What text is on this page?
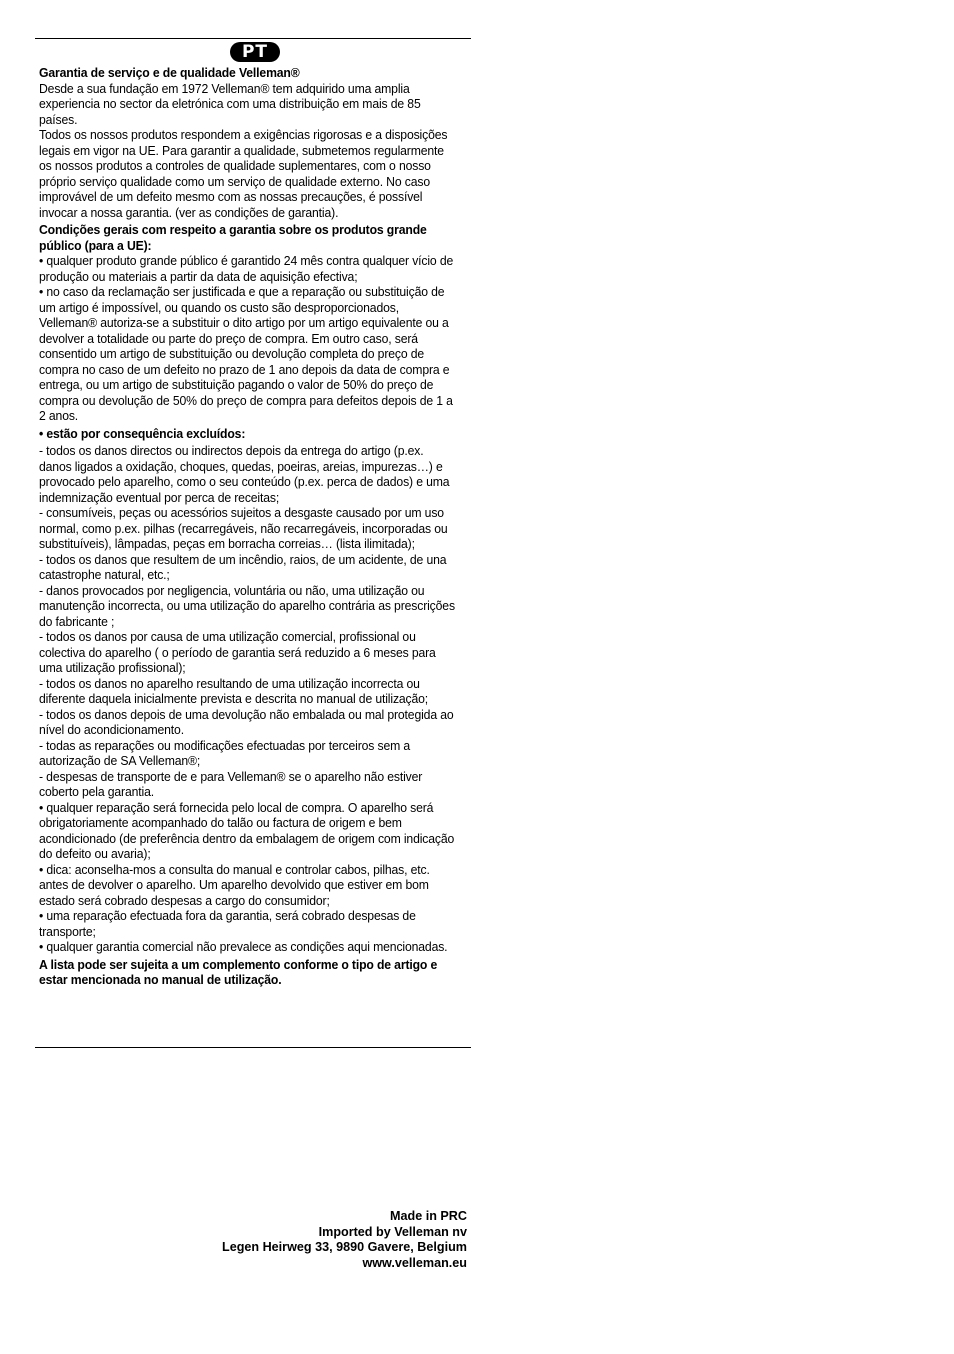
PT

Garantia de serviço e de qualidade Velleman®

Desde a sua fundação em 1972 Velleman® tem adquirido uma amplia experiencia no sector da eletrónica com uma distribuição em mais de 85 países.

Todos os nossos produtos respondem a exigências rigorosas e a disposições legais em vigor na UE. Para garantir a qualidade, submetemos regularmente os nossos produtos a controles de qualidade suplementares, com o nosso próprio serviço qualidade como um serviço de qualidade externo. No caso improvável de um defeito mesmo com as nossas precauções, é possível invocar a nossa garantia. (ver as condições de garantia).

Condições gerais com respeito a garantia sobre os produtos grande público (para a UE):

• qualquer produto grande público é garantido 24 mês contra qualquer vício de produção ou materiais a partir da data de aquisição efectiva;

• no caso da reclamação ser justificada e que a reparação ou substituição de um artigo é impossível, ou quando os custo são desproporcionados, Velleman® autoriza-se a substituir o dito artigo por um artigo equivalente ou a devolver a totalidade ou parte do preço de compra. Em outro caso, será consentido um artigo de substituição ou devolução completa do preço de compra no caso de um defeito no prazo de 1 ano depois da data de compra e entrega, ou um artigo de substituição pagando o valor de 50% do preço de compra ou devolução de 50% do preço de compra para defeitos depois de 1 a 2 anos.

• estão por consequência excluídos:

- todos os danos directos ou indirectos depois da entrega do artigo (p.ex. danos ligados a oxidação, choques, quedas, poeiras, areias, impurezas…) e provocado pelo aparelho, como o seu conteúdo (p.ex. perca de dados) e uma indemnização eventual por perca de receitas;

- consumíveis, peças ou acessórios sujeitos a desgaste causado por um uso normal, como p.ex. pilhas (recarregáveis, não recarregáveis, incorporadas ou substituíveis), lâmpadas, peças em borracha correias… (lista ilimitada);

- todos os danos que resultem de um incêndio, raios, de um acidente, de una catastrophe natural, etc.;

- danos provocados por negligencia, voluntária ou não, uma utilização ou manutenção incorrecta, ou uma utilização do aparelho contrária as prescrições do fabricante ;

- todos os danos por causa de uma utilização comercial, profissional ou colectiva do aparelho ( o período de garantia será reduzido a 6 meses para uma utilização profissional);

- todos os danos no aparelho resultando de uma utilização incorrecta ou diferente daquela inicialmente prevista e descrita no manual de utilização;

- todos os danos depois de uma devolução não embalada ou mal protegida ao nível do acondicionamento.

- todas as reparações ou modificações efectuadas por terceiros sem a autorização de SA Velleman®;

- despesas de transporte de e para Velleman® se o aparelho não estiver coberto pela garantia.

• qualquer reparação será fornecida pelo local de compra. O aparelho será obrigatoriamente acompanhado do talão ou factura de origem e bem acondicionado (de preferência dentro da embalagem de origem com indicação do defeito ou avaria);

• dica: aconselha-mos a consulta do manual e controlar cabos, pilhas, etc. antes de devolver o aparelho. Um aparelho devolvido que estiver em bom estado será cobrado despesas a cargo do consumidor;

• uma reparação efectuada fora da garantia, será cobrado despesas de transporte;

• qualquer garantia comercial não prevalece as condições aqui mencionadas.

A lista pode ser sujeita a um complemento conforme o tipo de artigo e estar mencionada no manual de utilização.

Made in PRC

Imported by Velleman nv

Legen Heirweg 33, 9890 Gavere, Belgium

www.velleman.eu
